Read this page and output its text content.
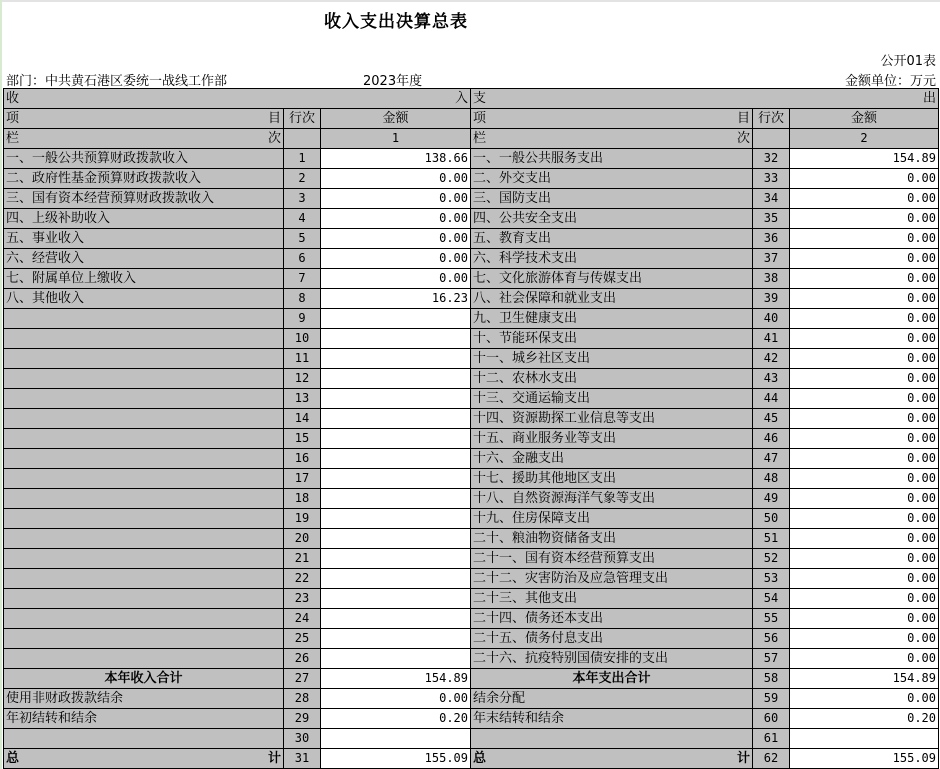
收入支出决算总表
公开01表
部门：中共黄石港区委统一战线工作部	2023年度	金额单位：万元
收 入			支 出		

项 目	行次	金额	项 目	行次	金额

栏 次		1	栏 次		2
一、一般公共预算财政拨款收入	1	138.66	一、一般公共服务支出	32	154.89
二、政府性基金预算财政拨款收入	2	0.00	二、外交支出	33	0.00
三、国有资本经营预算财政拨款收入	3	0.00	三、国防支出	34	0.00
四、上级补助收入	4	0.00	四、公共安全支出	35	0.00
五、事业收入	5	0.00	五、教育支出	36	0.00
六、经营收入	6	0.00	六、科学技术支出	37	0.00
七、附属单位上缴收入	7	0.00	七、文化旅游体育与传媒支出	38	0.00
八、其他收入	8	16.23	八、社会保障和就业支出	39	0.00
	9		九、卫生健康支出	40	0.00
	10		十、节能环保支出	41	0.00
	11		十一、城乡社区支出	42	0.00
	12		十二、农林水支出	43	0.00
	13		十三、交通运输支出	44	0.00
	14		十四、资源勘探工业信息等支出	45	0.00
	15		十五、商业服务业等支出	46	0.00
	16		十六、金融支出	47	0.00
	17		十七、援助其他地区支出	48	0.00
	18		十八、自然资源海洋气象等支出	49	0.00
	19		十九、住房保障支出	50	0.00
	20		二十、粮油物资储备支出	51	0.00
	21		二十一、国有资本经营预算支出	52	0.00
	22		二十二、灾害防治及应急管理支出	53	0.00
	23		二十三、其他支出	54	0.00
	24		二十四、债务还本支出	55	0.00
	25		二十五、债务付息支出	56	0.00
	26		二十六、抗疫特别国债安排的支出	57	0.00
本年收入合计	27	154.89	本年支出合计	58	154.89
使用非财政拨款结余	28	0.00	结余分配	59	0.00
年初结转和结余	29	0.20	年末结转和结余	60	0.20
	30			61	

总 计	31	155.09	总 计	62	155.09
